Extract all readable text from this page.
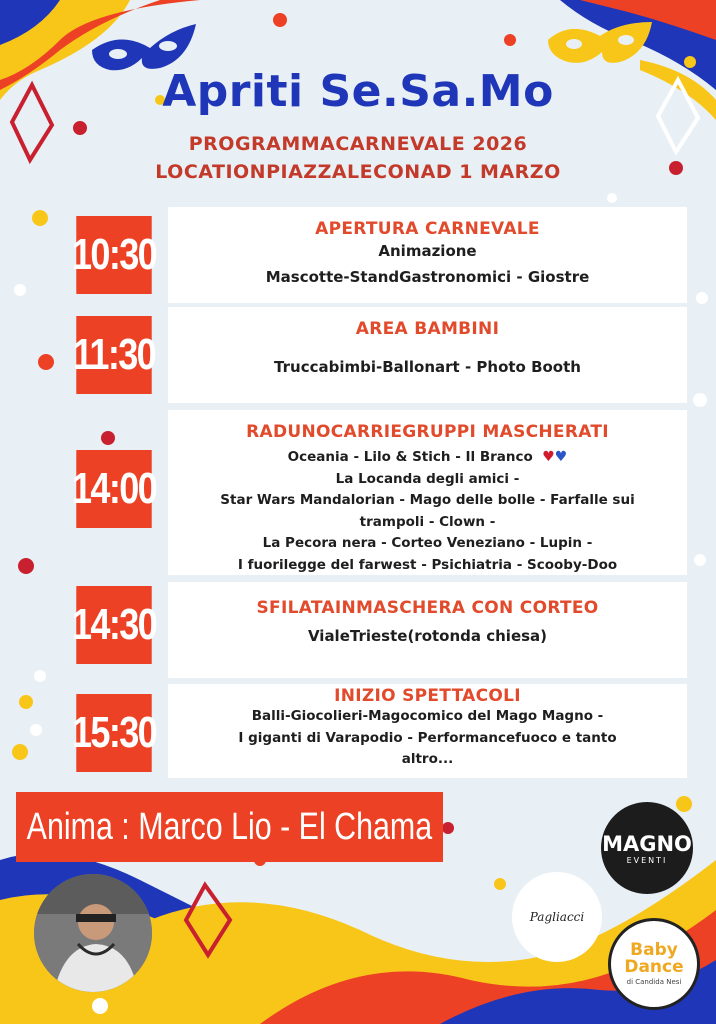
Apriti Se.Sa.Mo
PROGRAMMACARNEVALE 2026
LOCATIONPIAZZALECONAD 1 MARZO
10:30
APERTURA CARNEVALE
Animazione
Mascotte-StandGastronomici - Giostre
11:30
AREA BAMBINI
Truccabimbi-Ballonart - Photo Booth
14:00
RADUNOCARRIEGRUPPI MASCHERATI
Oceania - Lilo & Stich - Il Branco ♥♥
La Locanda degli amici -
Star Wars Mandalorian - Mago delle bolle - Farfalle sui
trampoli - Clown -
La Pecora nera - Corteo Veneziano - Lupin -
I fuorilegge del farwest - Psichiatria - Scooby-Doo
14:30	SFILATAINMASCHERA CON CORTEO
VialeTrieste(rotonda chiesa)
15:30
INIZIO SPETTACOLI
Balli-Giocolieri-Magocomico del Mago Magno -
I giganti di Varapodio - Performancefuoco e tanto
altro...
Anima : Marco Lio - El Chama	MAGNO
EVENTI
Pagliacci
Baby
Dance
di Candida Nesi
